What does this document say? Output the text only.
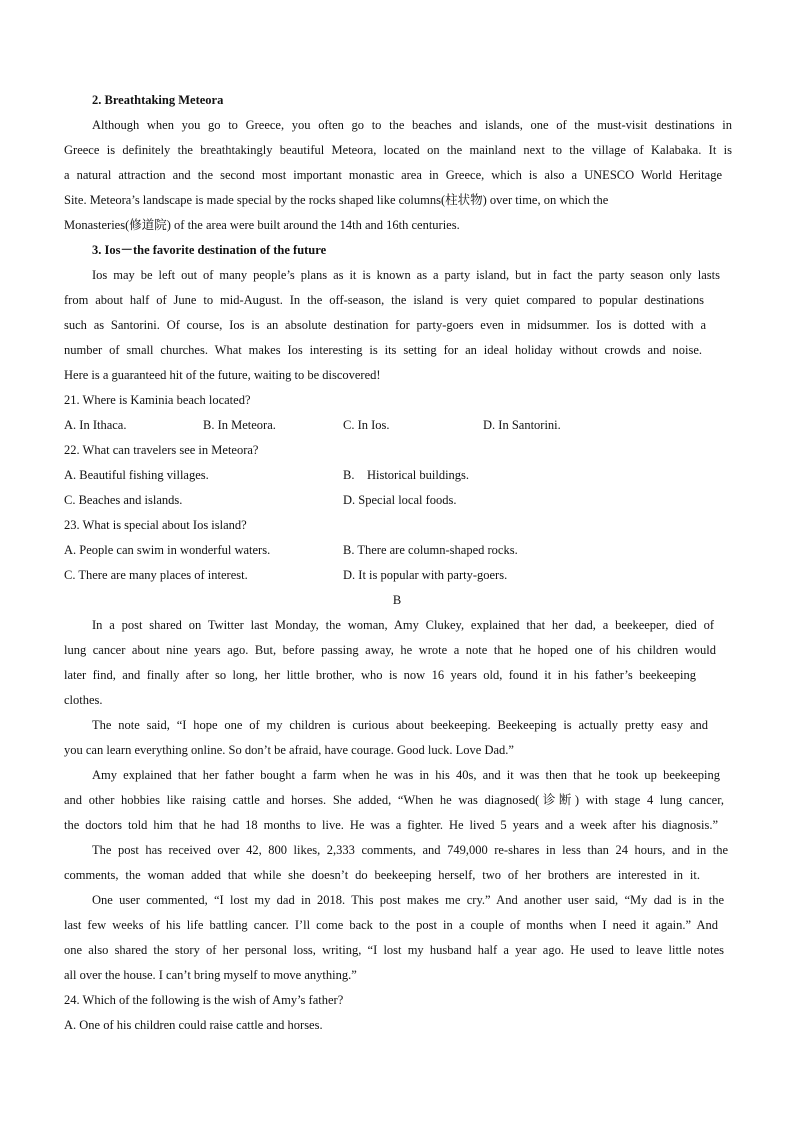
2. Breathtaking Meteora
Although when you go to Greece, you often go to the beaches and islands, one of the must-visit destinations in
Greece is definitely the breathtakingly beautiful Meteora, located on the mainland next to the village of Kalabaka. It is
a natural attraction and the second most important monastic area in Greece, which is also a UNESCO World Heritage
Site. Meteora’s landscape is made special by the rocks shaped like columns(柱状物) over time, on which the
Monasteries(修道院) of the area were built around the 14th and 16th centuries.
3. Ios－the favorite destination of the future
Ios may be left out of many people’s plans as it is known as a party island, but in fact the party season only lasts
from about half of June to mid-August. In the off-season, the island is very quiet compared to popular destinations
such as Santorini. Of course, Ios is an absolute destination for party-goers even in midsummer. Ios is dotted with a
number of small churches. What makes Ios interesting is its setting for an ideal holiday without crowds and noise.
Here is a guaranteed hit of the future, waiting to be discovered!
21. Where is Kaminia beach located?
A. In Ithaca.	B. In Meteora.	C. In Ios.	D. In Santorini.
22. What can travelers see in Meteora?
A. Beautiful fishing villages.	B.    Historical buildings.
C. Beaches and islands.	D. Special local foods.
23. What is special about Ios island?
A. People can swim in wonderful waters.	B. There are column-shaped rocks.
C. There are many places of interest.	D. It is popular with party-goers.
B
In a post shared on Twitter last Monday, the woman, Amy Clukey, explained that her dad, a beekeeper, died of
lung cancer about nine years ago. But, before passing away, he wrote a note that he hoped one of his children would
later find, and finally after so long, her little brother, who is now 16 years old, found it in his father’s beekeeping
clothes.
The note said, “I hope one of my children is curious about beekeeping. Beekeeping is actually pretty easy and
you can learn everything online. So don’t be afraid, have courage. Good luck. Love Dad.”
Amy explained that her father bought a farm when he was in his 40s, and it was then that he took up beekeeping
and other hobbies like raising cattle and horses. She added, “When he was diagnosed(诊断) with stage 4 lung cancer,
the doctors told him that he had 18 months to live. He was a fighter. He lived 5 years and a week after his diagnosis.”
The post has received over 42, 800 likes, 2,333 comments, and 749,000 re-shares in less than 24 hours, and in the
comments, the woman added that while she doesn’t do beekeeping herself, two of her brothers are interested in it.
One user commented, “I lost my dad in 2018. This post makes me cry.” And another user said, “My dad is in the
last few weeks of his life battling cancer. I’ll come back to the post in a couple of months when I need it again.” And
one also shared the story of her personal loss, writing, “I lost my husband half a year ago. He used to leave little notes
all over the house. I can’t bring myself to move anything.”
24. Which of the following is the wish of Amy’s father?
A. One of his children could raise cattle and horses.
